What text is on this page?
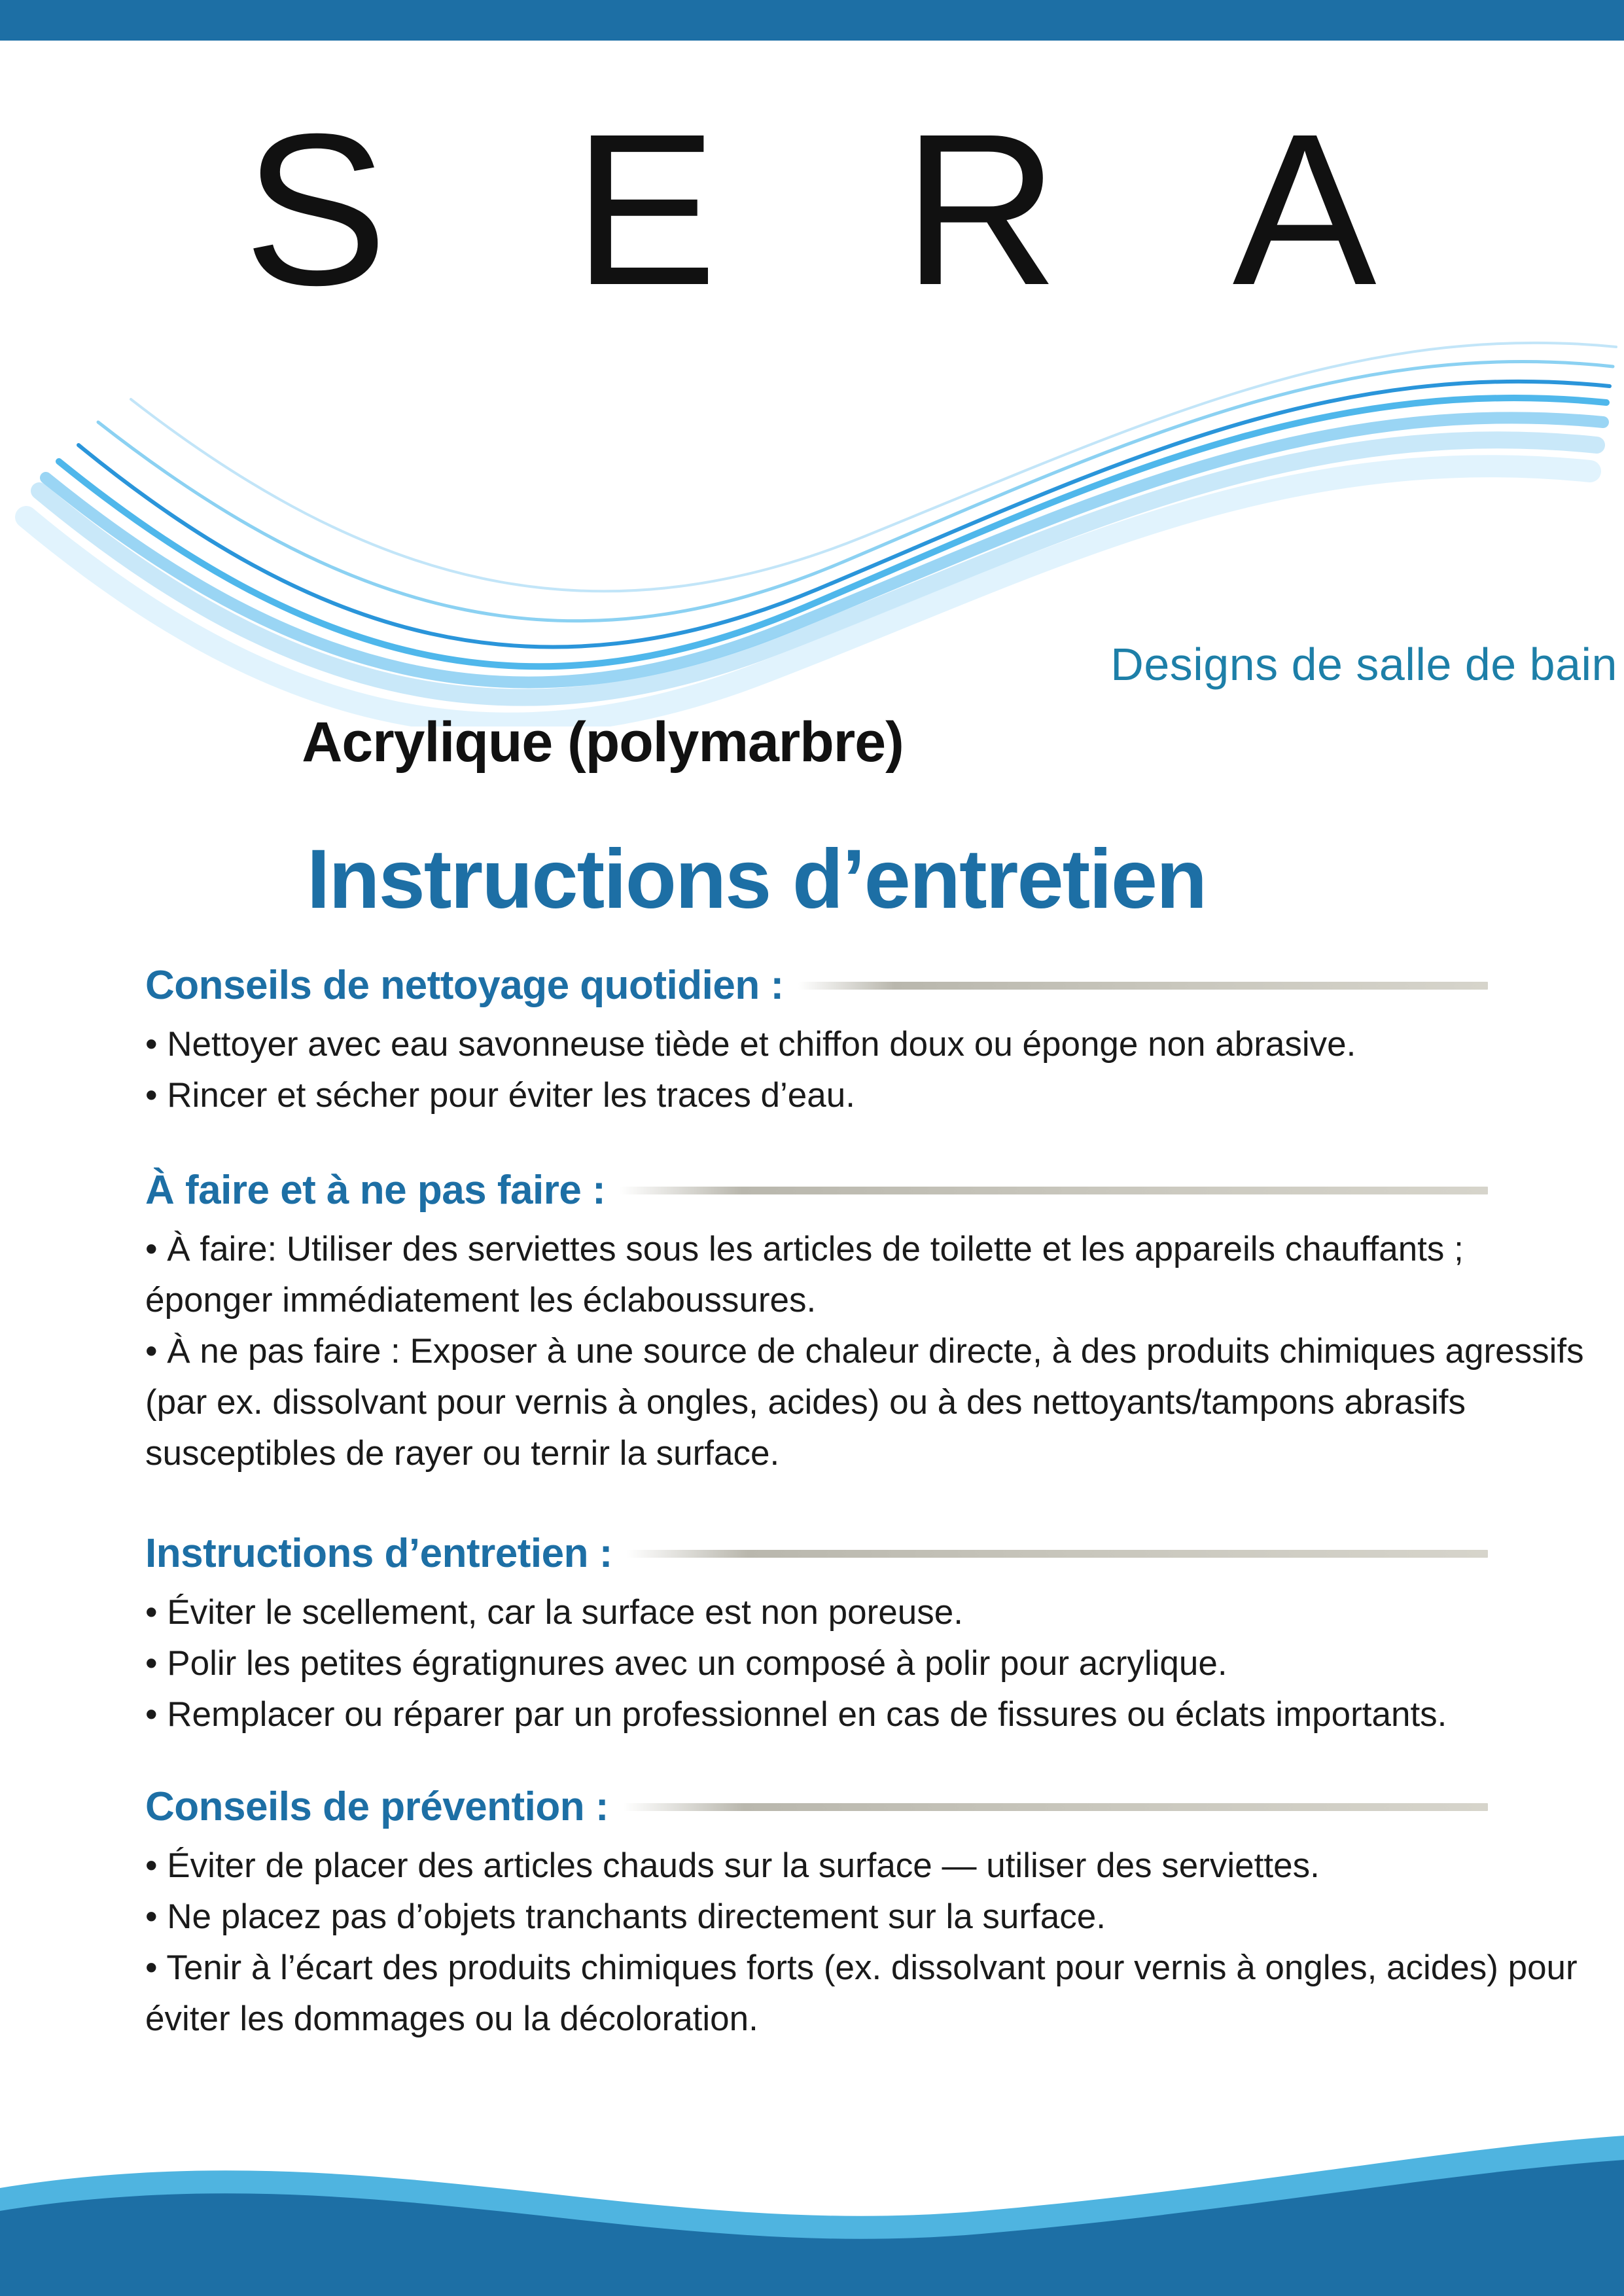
S E R A
Designs de salle de bain
Acrylique (polymarbre)
Instructions d’entretien
Conseils de nettoyage quotidien :
• Nettoyer avec eau savonneuse tiède et chiffon doux ou éponge non abrasive.
• Rincer et sécher pour éviter les traces d’eau.
À faire et à ne pas faire :
• À faire: Utiliser des serviettes sous les articles de toilette et les appareils chauffants ; éponger immédiatement les éclaboussures.
• À ne pas faire : Exposer à une source de chaleur directe, à des produits chimiques agressifs (par ex. dissolvant pour vernis à ongles, acides) ou à des nettoyants/tampons abrasifs susceptibles de rayer ou ternir la surface.
Instructions d’entretien :
• Éviter le scellement, car la surface est non poreuse.
• Polir les petites égratignures avec un composé à polir pour acrylique.
• Remplacer ou réparer par un professionnel en cas de fissures ou éclats importants.
Conseils de prévention :
• Éviter de placer des articles chauds sur la surface — utiliser des serviettes.
• Ne placez pas d’objets tranchants directement sur la surface.
• Tenir à l’écart des produits chimiques forts (ex. dissolvant pour vernis à ongles, acides) pour éviter les dommages ou la décoloration.
